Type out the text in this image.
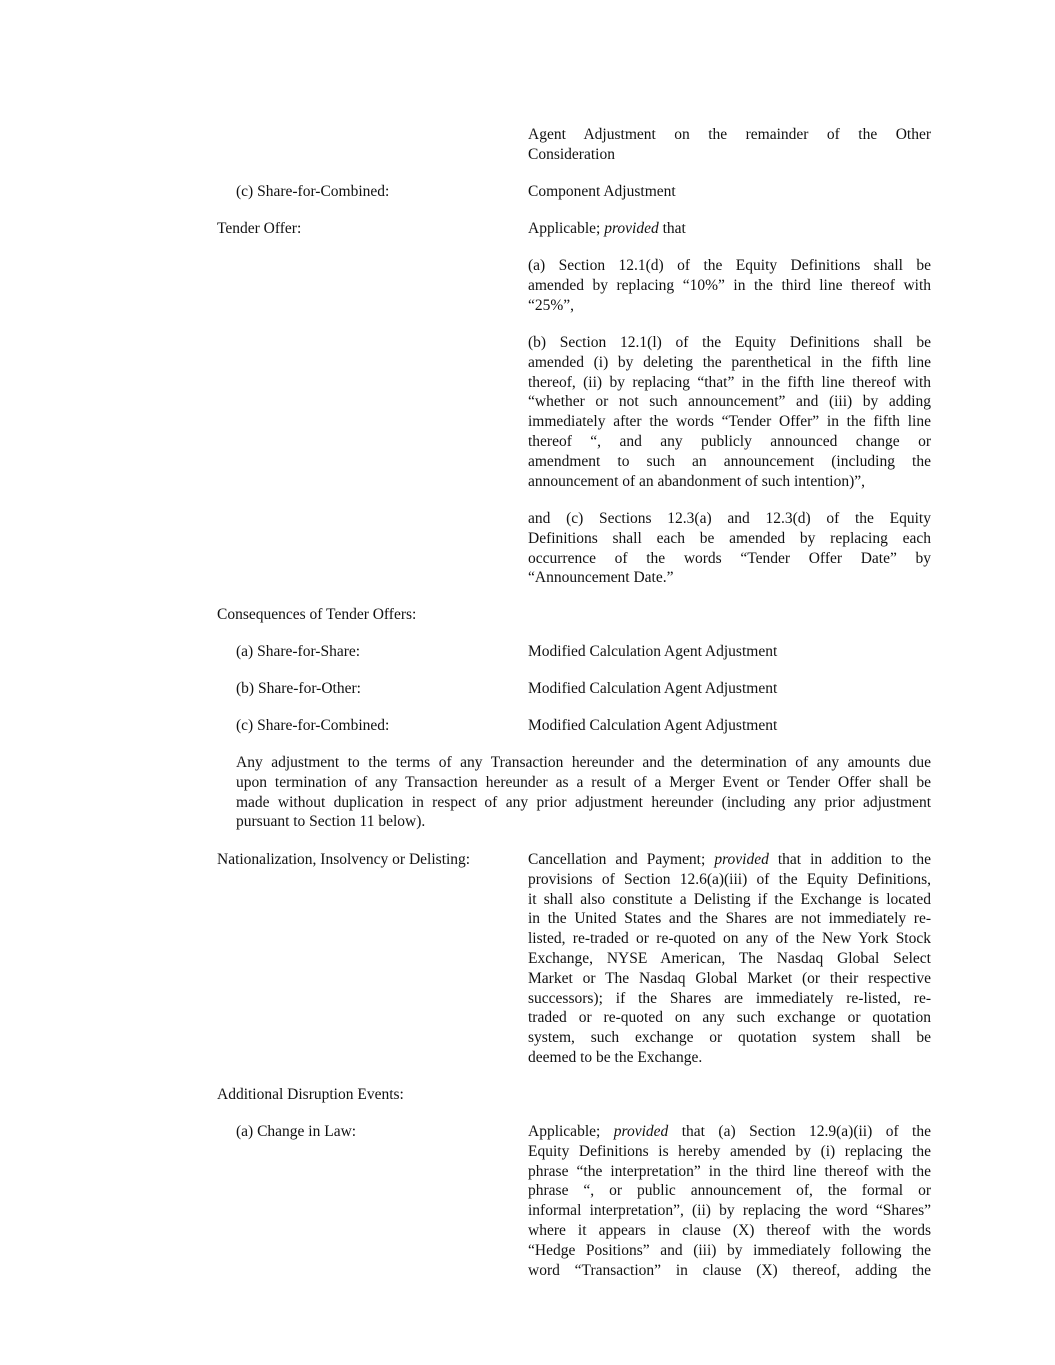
Agent Adjustment on the remainder of the Other
Consideration
(c) Share-for-Combined:	Component Adjustment
Tender Offer:	Applicable; provided that
(a) Section 12.1(d) of the Equity Definitions shall be
amended by replacing “10%” in the third line thereof with
“25%”,
(b) Section 12.1(l) of the Equity Definitions shall be
amended (i) by deleting the parenthetical in the fifth line
thereof, (ii) by replacing “that” in the fifth line thereof with
“whether or not such announcement” and (iii) by adding
immediately after the words “Tender Offer” in the fifth line
thereof “, and any publicly announced change or
amendment to such an announcement (including the
announcement of an abandonment of such intention)”,
and (c) Sections 12.3(a) and 12.3(d) of the Equity
Definitions shall each be amended by replacing each
occurrence of the words “Tender Offer Date” by
“Announcement Date.”
Consequences of Tender Offers:
(a) Share-for-Share:	Modified Calculation Agent Adjustment
(b) Share-for-Other:	Modified Calculation Agent Adjustment
(c) Share-for-Combined:	Modified Calculation Agent Adjustment
Any adjustment to the terms of any Transaction hereunder and the determination of any amounts due
upon termination of any Transaction hereunder as a result of a Merger Event or Tender Offer shall be
made without duplication in respect of any prior adjustment hereunder (including any prior adjustment
pursuant to Section 11 below).
Nationalization, Insolvency or Delisting:	Cancellation and Payment; provided that in addition to the
provisions of Section 12.6(a)(iii) of the Equity Definitions,
it shall also constitute a Delisting if the Exchange is located
in the United States and the Shares are not immediately re-
listed, re-traded or re-quoted on any of the New York Stock
Exchange, NYSE American, The Nasdaq Global Select
Market or The Nasdaq Global Market (or their respective
successors); if the Shares are immediately re-listed, re-
traded or re-quoted on any such exchange or quotation
system, such exchange or quotation system shall be
deemed to be the Exchange.
Additional Disruption Events:
(a) Change in Law:	Applicable; provided that (a) Section 12.9(a)(ii) of the
Equity Definitions is hereby amended by (i) replacing the
phrase “the interpretation” in the third line thereof with the
phrase “, or public announcement of, the formal or
informal interpretation”, (ii) by replacing the word “Shares”
where it appears in clause (X) thereof with the words
“Hedge Positions” and (iii) by immediately following the
word “Transaction” in clause (X) thereof, adding the
